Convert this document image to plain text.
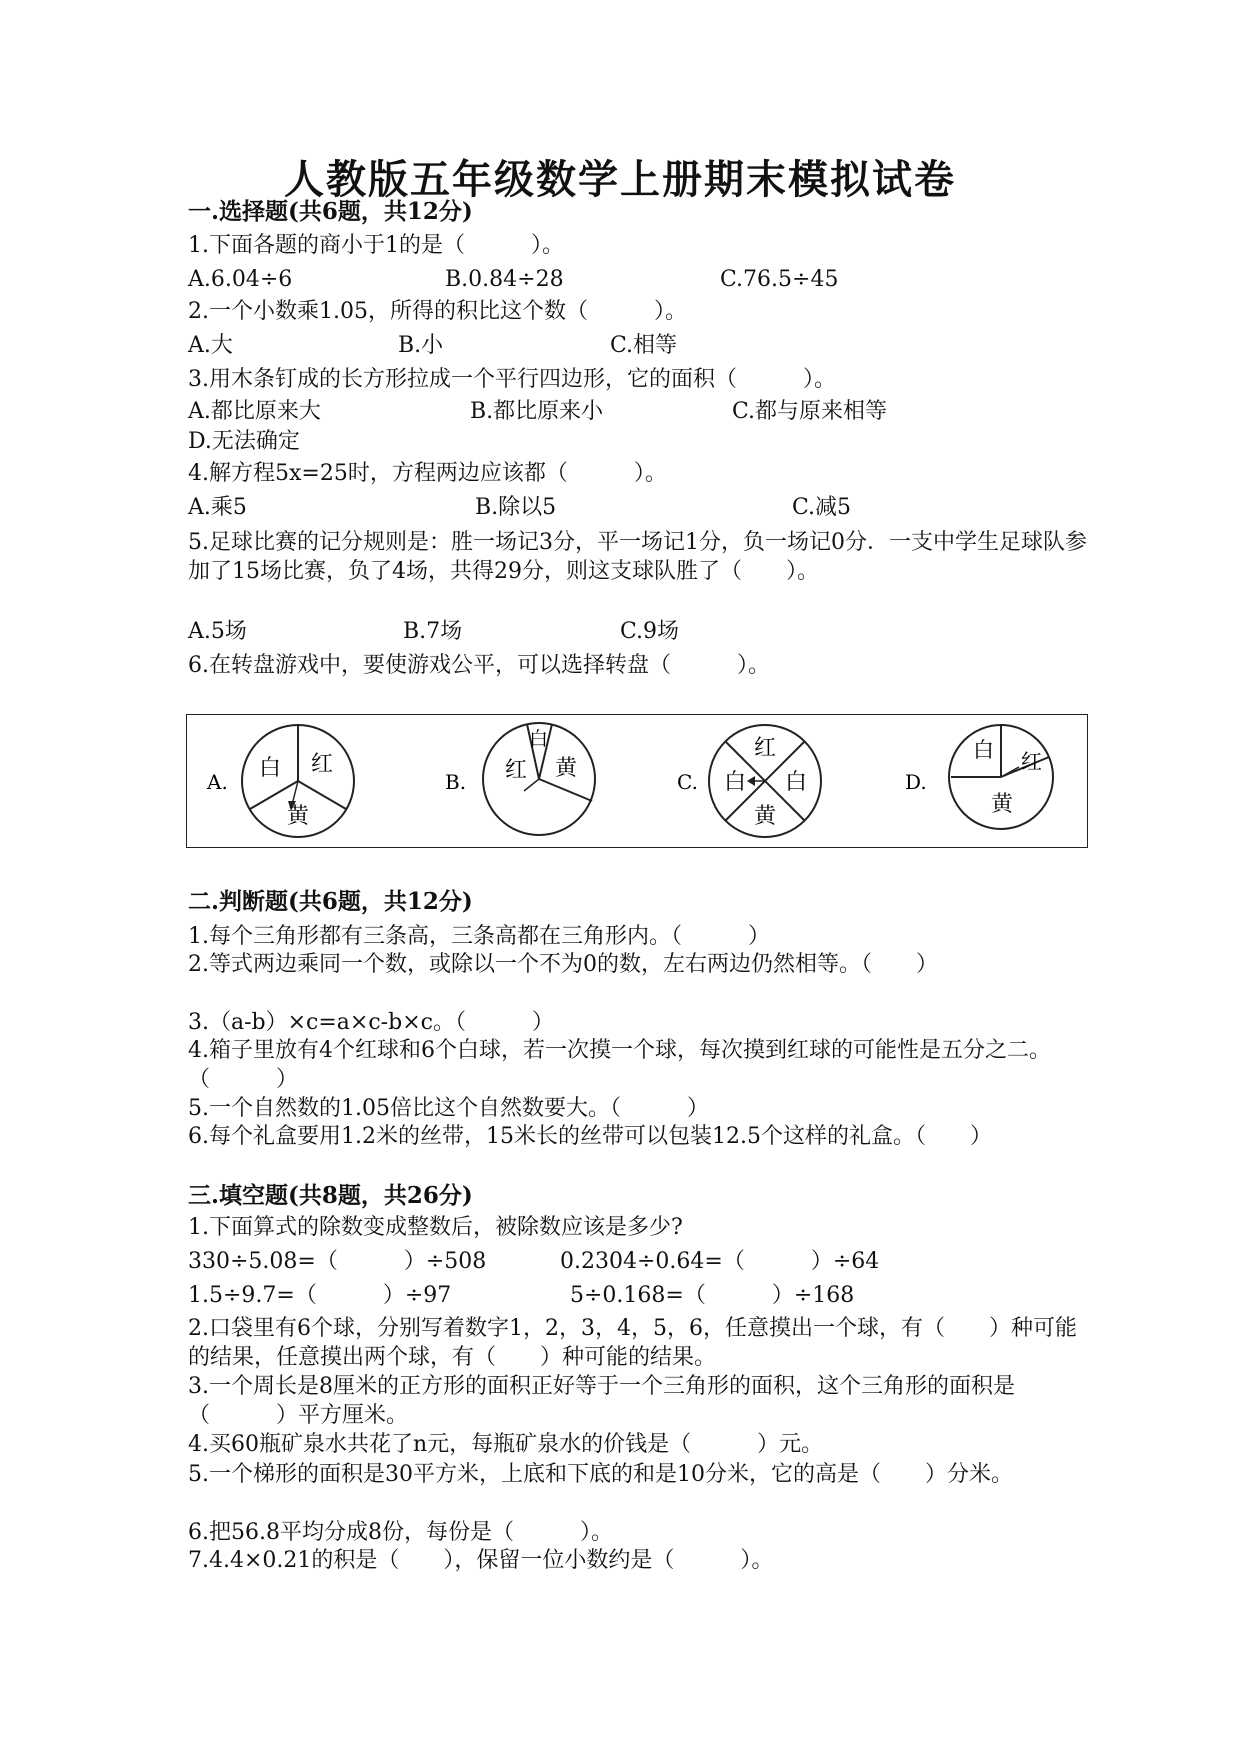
人教版五年级数学上册期末模拟试卷
一.选择题(共6题，共12分)
1.下面各题的商小于1的是（　　　）。
A.6.04÷6	B.0.84÷28	C.76.5÷45
2.一个小数乘1.05，所得的积比这个数（　　　）。
A.大	B.小	C.相等
3.用木条钉成的长方形拉成一个平行四边形，它的面积（　　　）。
A.都比原来大	B.都比原来小	C.都与原来相等
D.无法确定
4.解方程5x=25时，方程两边应该都（　　　）。
A.乘5	B.除以5	C.减5
5.足球比赛的记分规则是：胜一场记3分，平一场记1分，负一场记0分．一支中学生足球队参加了15场比赛，负了4场，共得29分，则这支球队胜了（　　）。
A.5场	B.7场	C.9场
6.在转盘游戏中，要使游戏公平，可以选择转盘（　　　）。
A.
白 红
黄
B.
白
红 黄
C.
红
白 白
黄
D.
白 红
黄
二.判断题(共6题，共12分)
1.每个三角形都有三条高，三条高都在三角形内。（　　　）
2.等式两边乘同一个数，或除以一个不为0的数，左右两边仍然相等。（　　）
3.（a-b）×c=a×c-b×c。（　　　）
4.箱子里放有4个红球和6个白球，若一次摸一个球，每次摸到红球的可能性是五分之二。（　　　）
5.一个自然数的1.05倍比这个自然数要大。（　　　）
6.每个礼盒要用1.2米的丝带，15米长的丝带可以包装12.5个这样的礼盒。（　　）
三.填空题(共8题，共26分)
1.下面算式的除数变成整数后，被除数应该是多少?
330÷5.08=（　　　）÷508	0.2304÷0.64=（　　　）÷64
1.5÷9.7=（　　　）÷97	5÷0.168=（　　　）÷168
2.口袋里有6个球，分别写着数字1，2，3，4，5，6，任意摸出一个球，有（　　）种可能的结果，任意摸出两个球，有（　　）种可能的结果。
3.一个周长是8厘米的正方形的面积正好等于一个三角形的面积，这个三角形的面积是（　　　）平方厘米。
4.买60瓶矿泉水共花了n元，每瓶矿泉水的价钱是（　　　）元。
5.一个梯形的面积是30平方米，上底和下底的和是10分米，它的高是（　　）分米。
6.把56.8平均分成8份，每份是（　　　）。
7.4.4×0.21的积是（　　），保留一位小数约是（　　　）。
